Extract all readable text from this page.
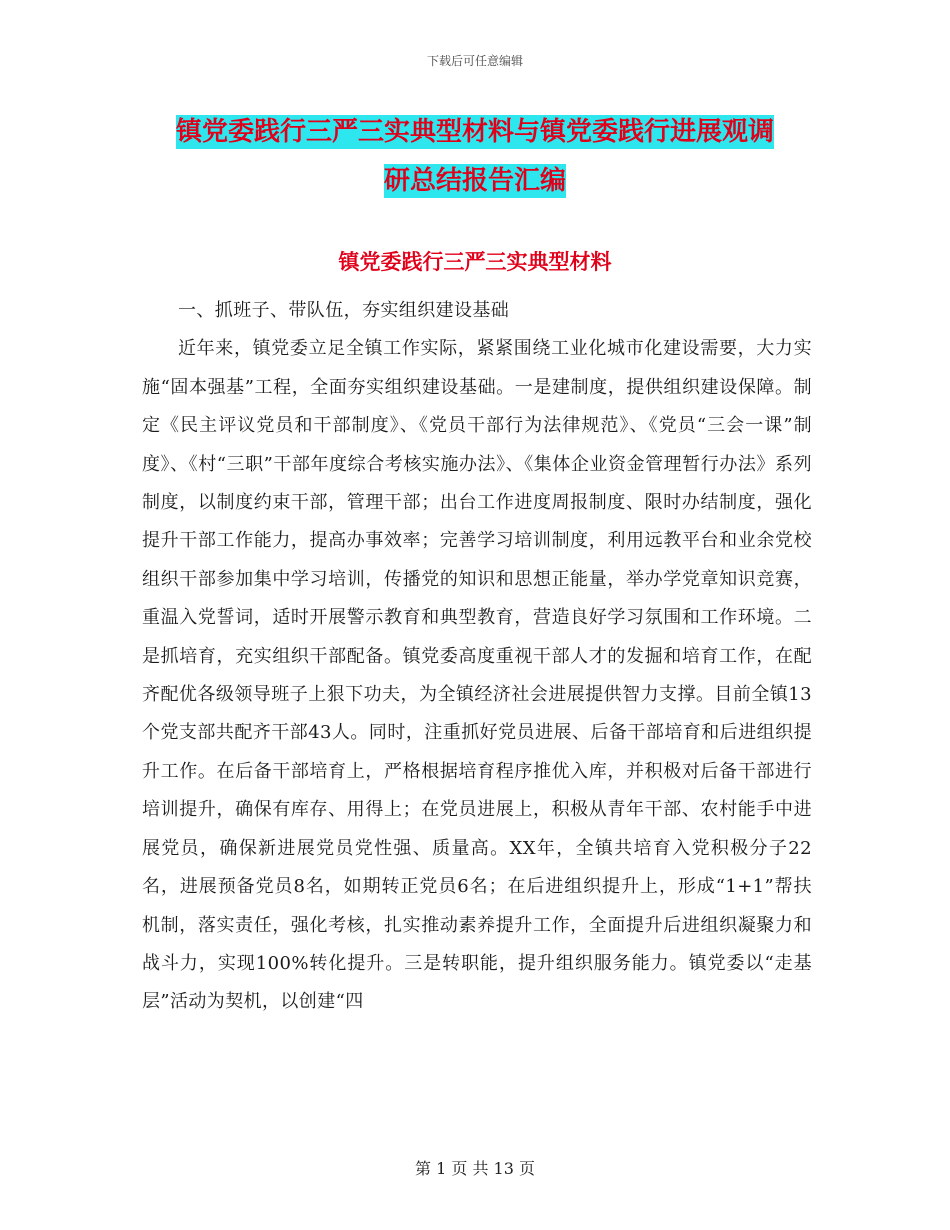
下载后可任意编辑
镇党委践行三严三实典型材料与镇党委践行进展观调
研总结报告汇编
镇党委践行三严三实典型材料

一、抓班子、带队伍，夯实组织建设基础

近年来，镇党委立足全镇工作实际，紧紧围绕工业化城市化建设需要，大力实施“固本强基”工程，全面夯实组织建设基础。一是建制度，提供组织建设保障。制定《民主评议党员和干部制度》、《党员干部行为法律规范》、《党员“三会一课”制度》、《村“三职”干部年度综合考核实施办法》、《集体企业资金管理暂行办法》系列制度，以制度约束干部，管理干部；出台工作进度周报制度、限时办结制度，强化提升干部工作能力，提高办事效率；完善学习培训制度，利用远教平台和业余党校组织干部参加集中学习培训，传播党的知识和思想正能量，举办学党章知识竞赛，重温入党誓词，适时开展警示教育和典型教育，营造良好学习氛围和工作环境。二是抓培育，充实组织干部配备。镇党委高度重视干部人才的发掘和培育工作，在配齐配优各级领导班子上狠下功夫，为全镇经济社会进展提供智力支撑。目前全镇13个党支部共配齐干部43人。同时，注重抓好党员进展、后备干部培育和后进组织提升工作。在后备干部培育上，严格根据培育程序推优入库，并积极对后备干部进行培训提升，确保有库存、用得上；在党员进展上，积极从青年干部、农村能手中进展党员，确保新进展党员党性强、质量高。XX年，全镇共培育入党积极分子22名，进展预备党员8名，如期转正党员6名；在后进组织提升上，形成“1+1”帮扶机制，落实责任，强化考核，扎实推动素养提升工作，全面提升后进组织凝聚力和战斗力，实现100%转化提升。三是转职能，提升组织服务能力。镇党委以“走基层”活动为契机，以创建“四

第 1 页 共 13 页
